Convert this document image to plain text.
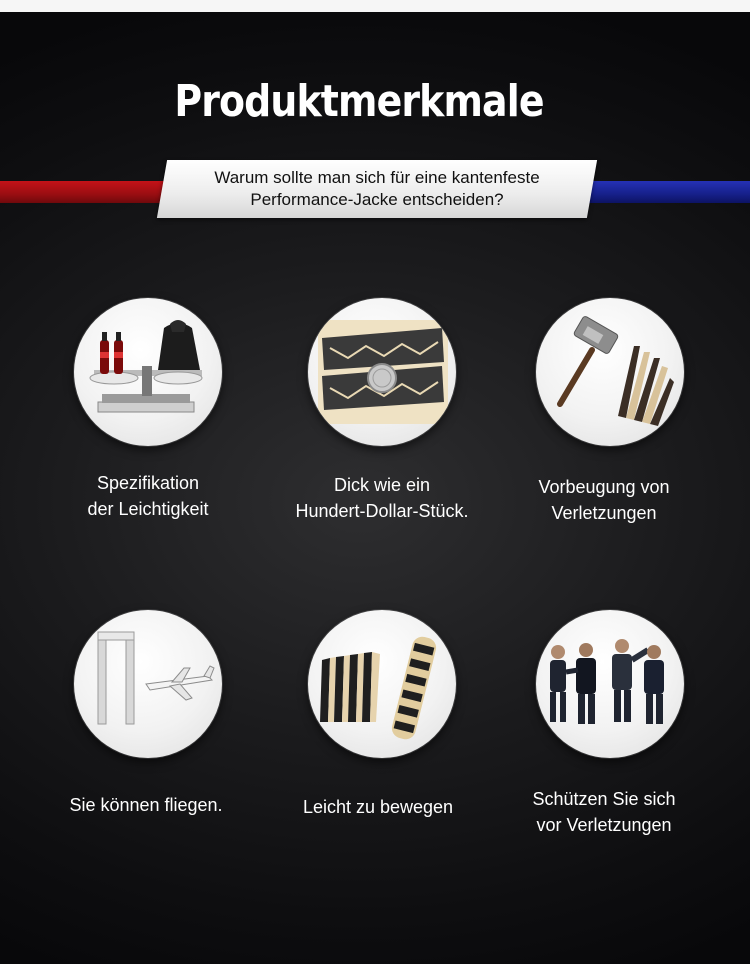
Produktmerkmale
Warum sollte man sich für eine kantenfeste
Performance-Jacke entscheiden?
Spezifikation
der Leichtigkeit
Dick wie ein
Hundert-Dollar-Stück.
Vorbeugung von
Verletzungen
Sie können fliegen.	Leicht zu bewegen	Schützen Sie sich
vor Verletzungen
